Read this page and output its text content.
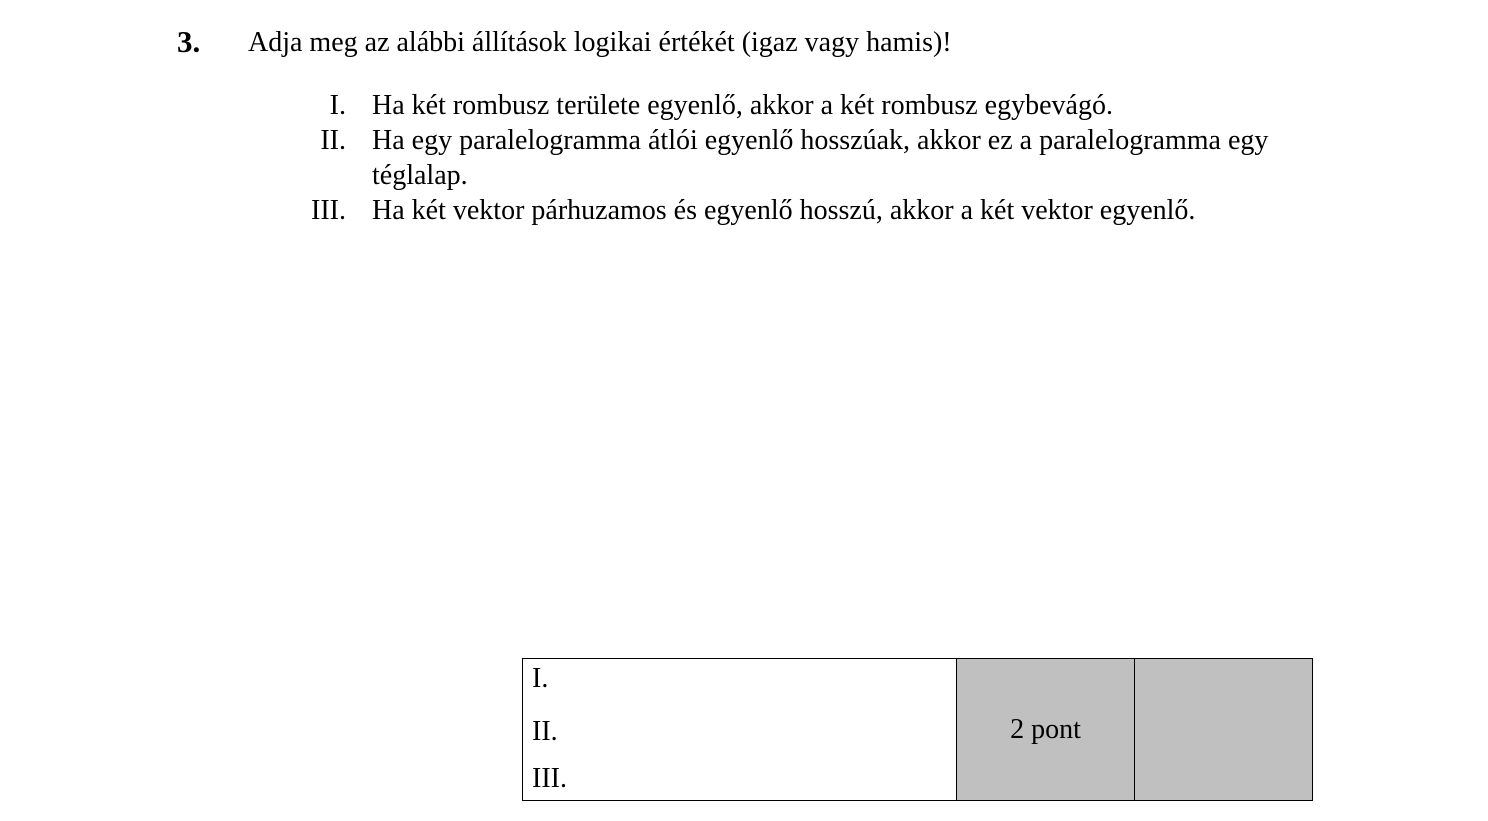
3. Adja meg az alábbi állítások logikai értékét (igaz vagy hamis)!
I. Ha két rombusz területe egyenlő, akkor a két rombusz egybevágó.
II. Ha egy paralelogramma átlói egyenlő hosszúak, akkor ez a paralelogramma egy téglalap.
III. Ha két vektor párhuzamos és egyenlő hosszú, akkor a két vektor egyenlő.
I.
II.
III.
	2 pont	
